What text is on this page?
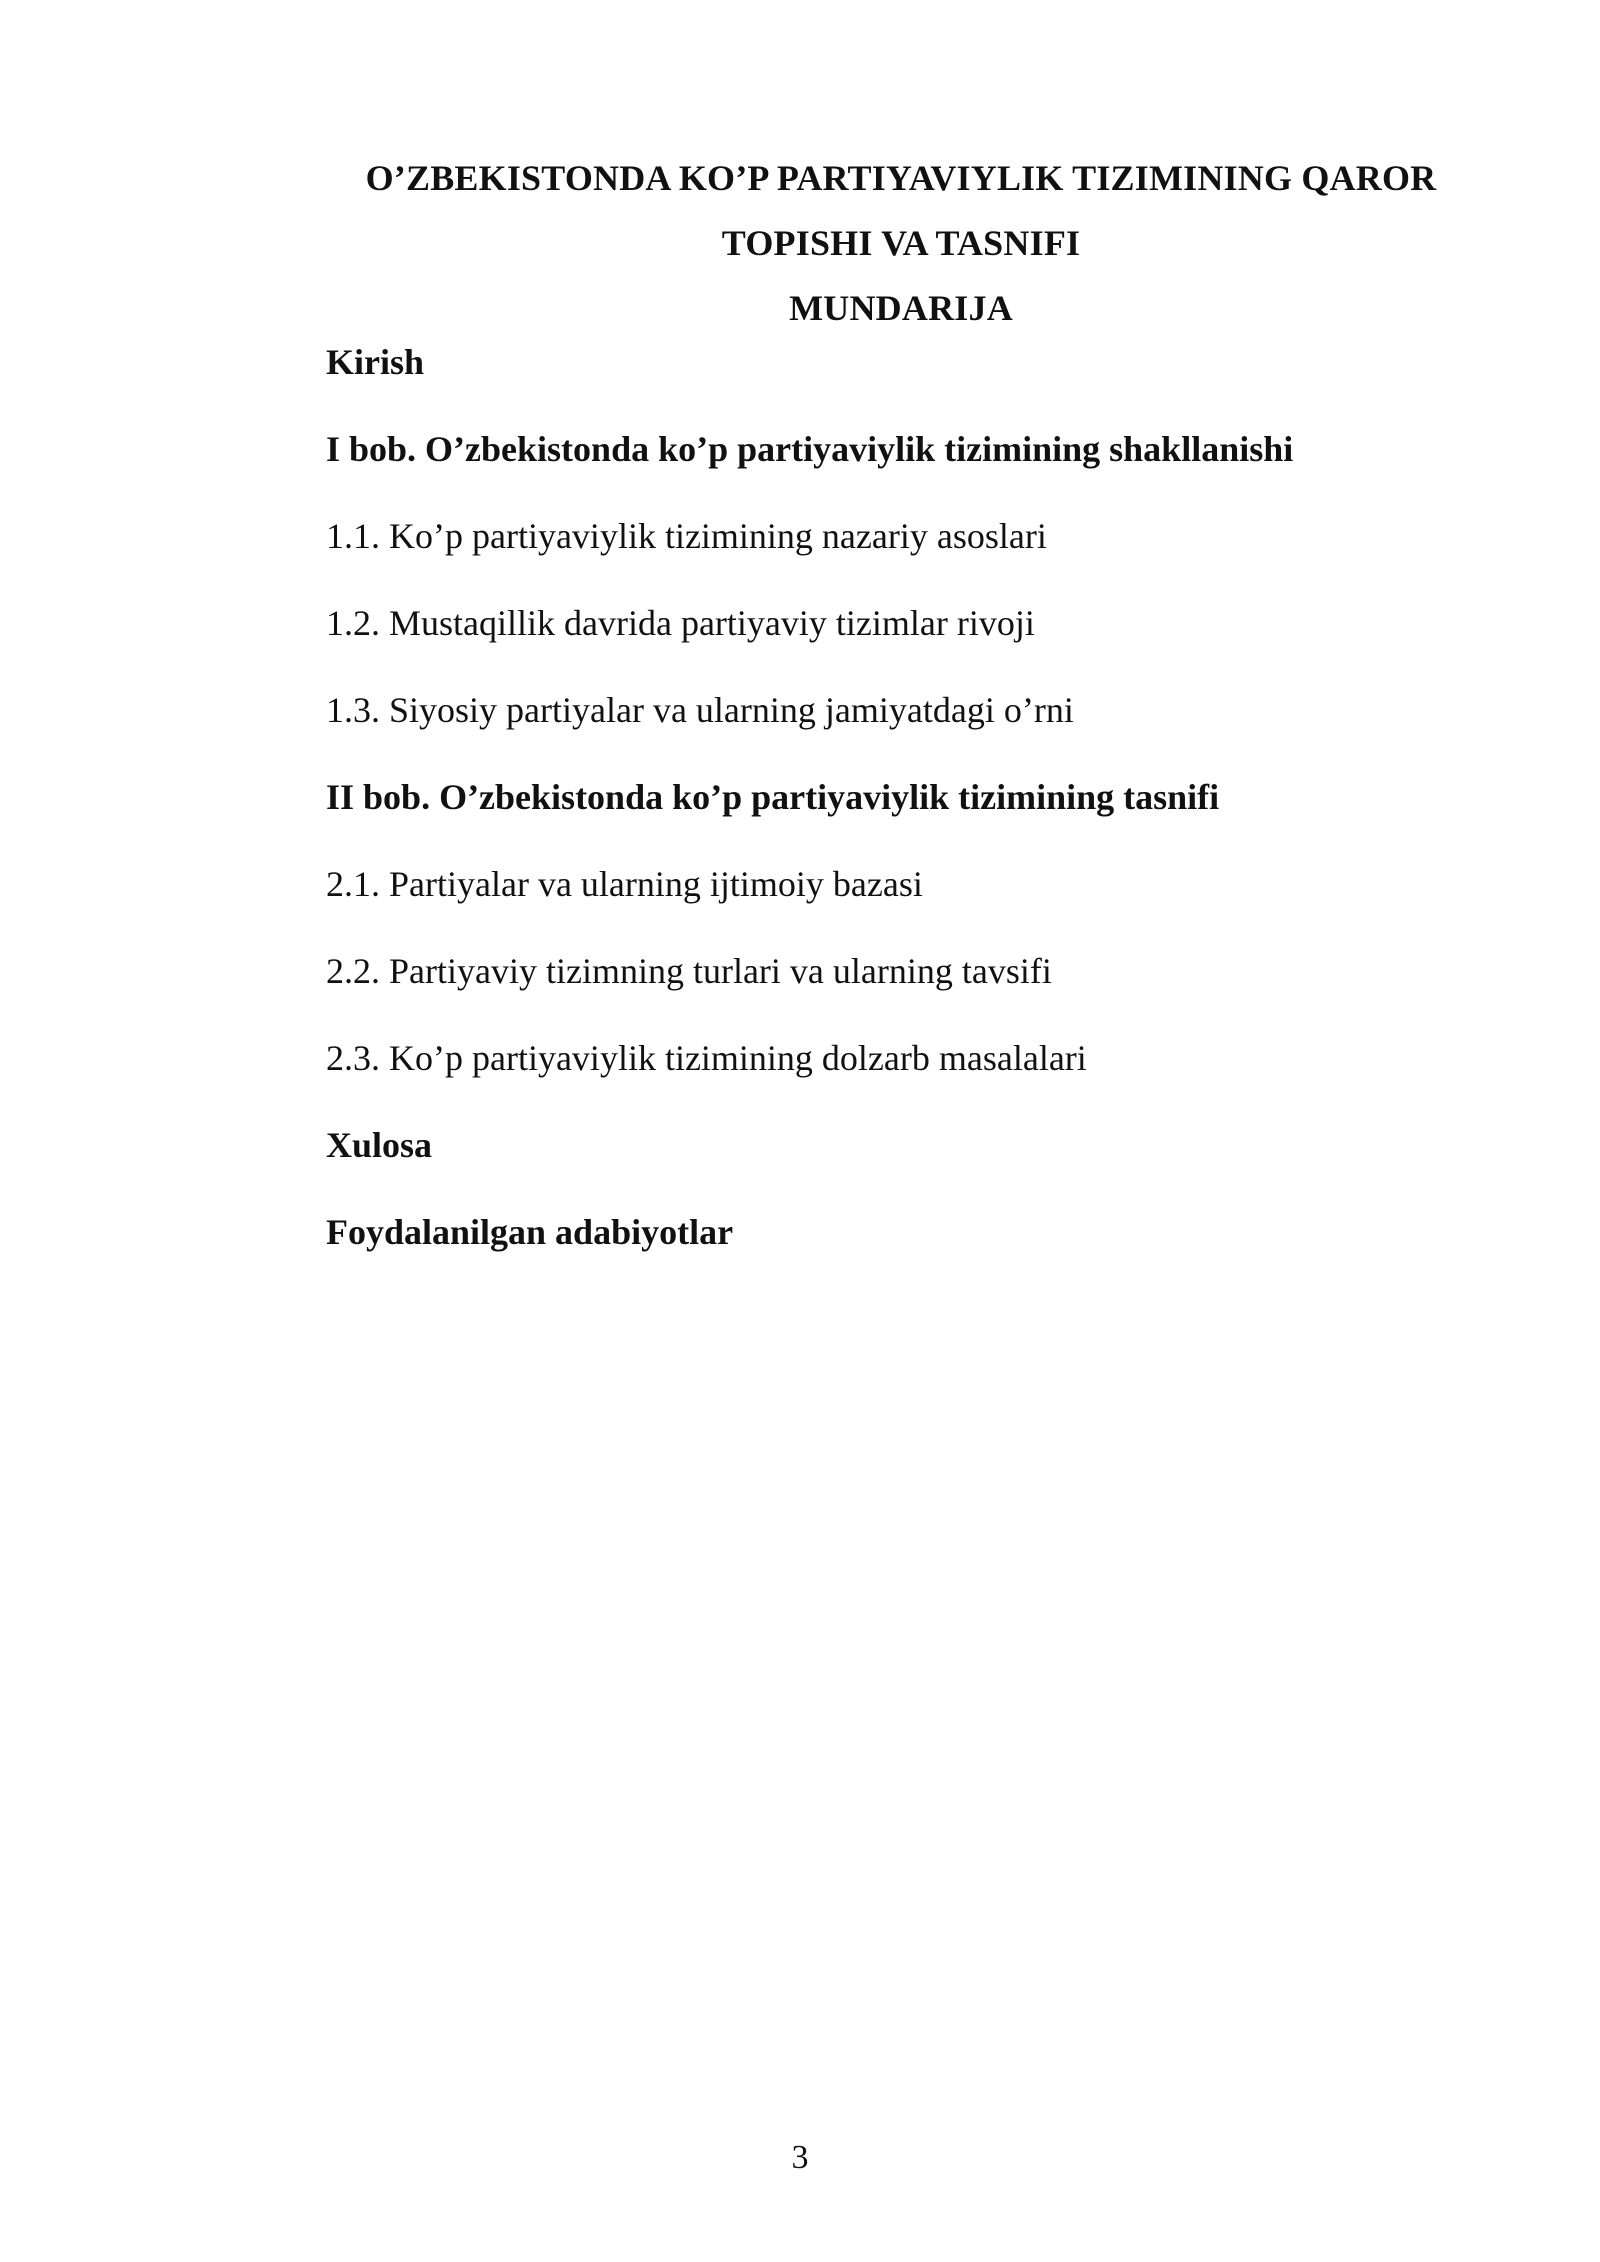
O’ZBEKISTONDA KO’P PARTIYAVIYLIK TIZIMINING QAROR
TOPISHI VA TASNIFI
MUNDARIJA
Kirish
I bob. O’zbekistonda ko’p partiyaviylik tizimining shakllanishi
1.1. Ko’p partiyaviylik tizimining nazariy asoslari
1.2. Mustaqillik davrida partiyaviy tizimlar rivoji
1.3. Siyosiy partiyalar va ularning jamiyatdagi o’rni
II bob. O’zbekistonda ko’p partiyaviylik tizimining tasnifi
2.1. Partiyalar va ularning ijtimoiy bazasi
2.2. Partiyaviy tizimning turlari va ularning tavsifi
2.3. Ko’p partiyaviylik tizimining dolzarb masalalari
Xulosa
Foydalanilgan adabiyotlar
3
